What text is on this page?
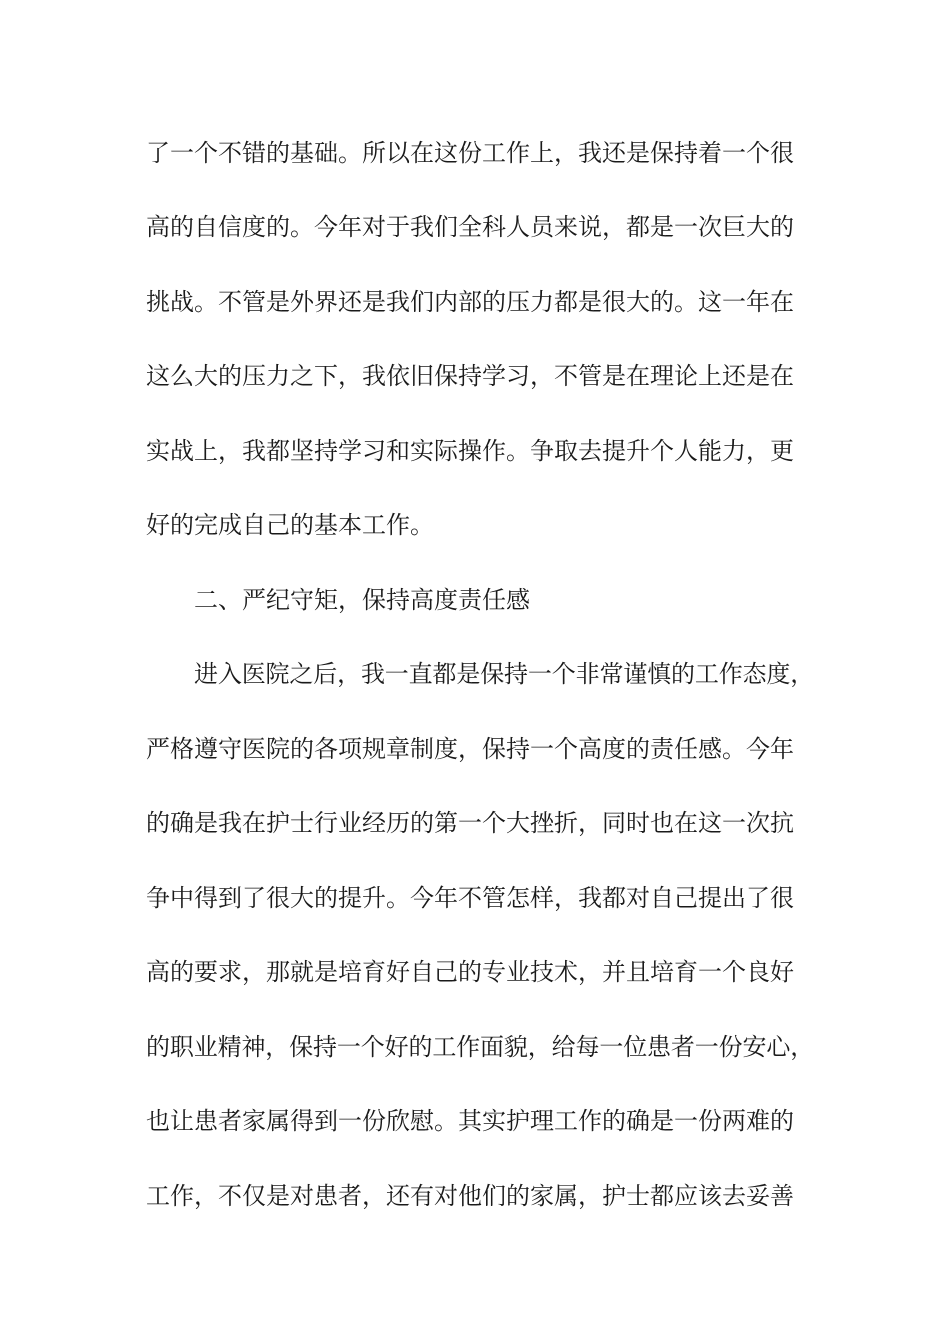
了一个不错的基础。所以在这份工作上，我还是保持着一个很
高的自信度的。今年对于我们全科人员来说，都是一次巨大的
挑战。不管是外界还是我们内部的压力都是很大的。这一年在
这么大的压力之下，我依旧保持学习，不管是在理论上还是在
实战上，我都坚持学习和实际操作。争取去提升个人能力，更
好的完成自己的基本工作。
二、严纪守矩，保持高度责任感
进入医院之后，我一直都是保持一个非常谨慎的工作态度，
严格遵守医院的各项规章制度，保持一个高度的责任感。今年
的确是我在护士行业经历的第一个大挫折，同时也在这一次抗
争中得到了很大的提升。今年不管怎样，我都对自己提出了很
高的要求，那就是培育好自己的专业技术，并且培育一个良好
的职业精神，保持一个好的工作面貌，给每一位患者一份安心，
也让患者家属得到一份欣慰。其实护理工作的确是一份两难的
工作，不仅是对患者，还有对他们的家属，护士都应该去妥善
